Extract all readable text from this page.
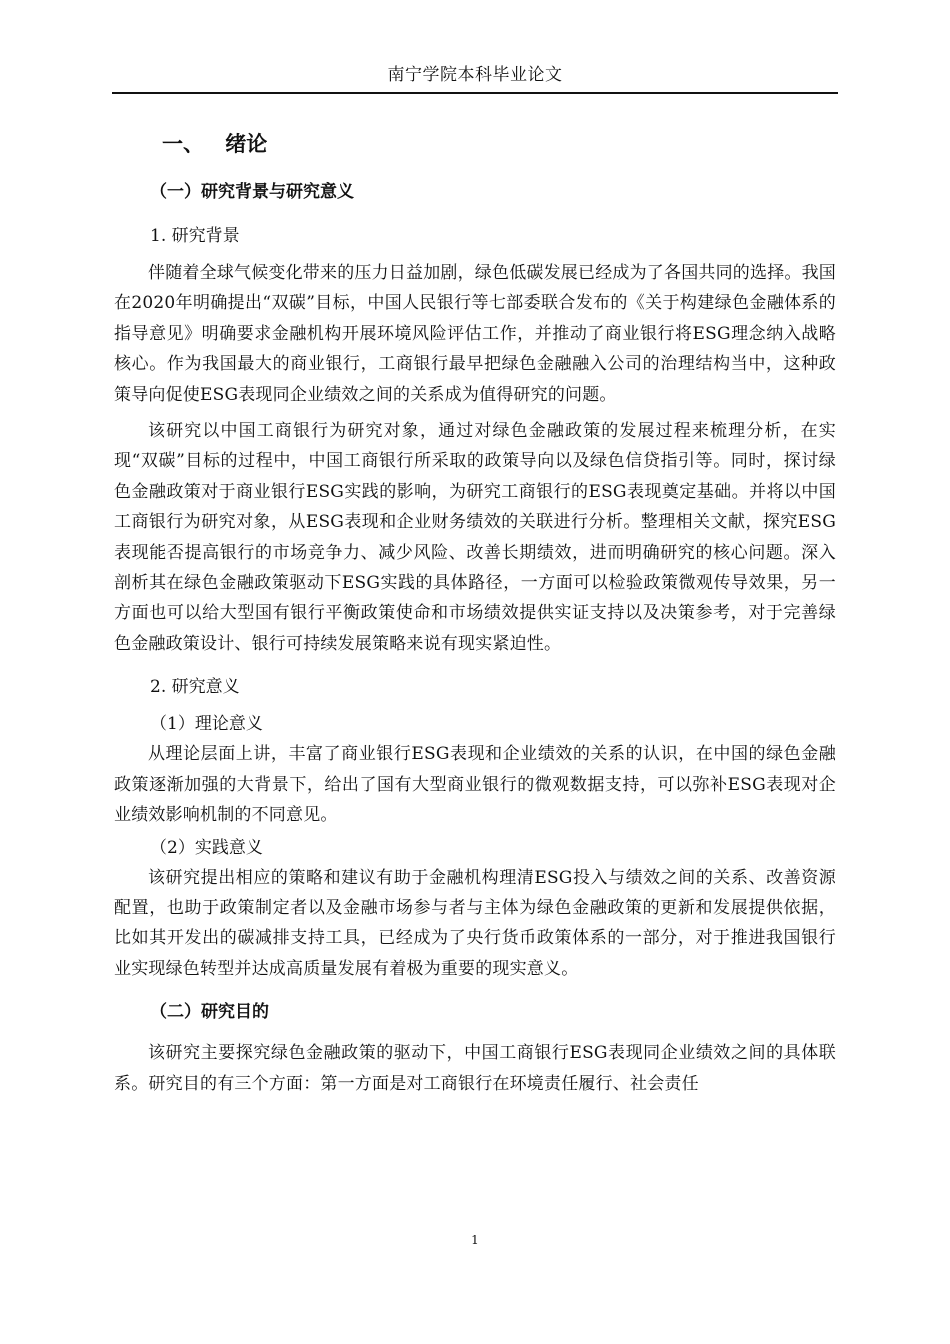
南宁学院本科毕业论文
一、 绪论
（一）研究背景与研究意义
1. 研究背景

伴随着全球气候变化带来的压力日益加剧，绿色低碳发展已经成为了各国共同的选择。我国在2020年明确提出“双碳”目标，中国人民银行等七部委联合发布的《关于构建绿色金融体系的指导意见》明确要求金融机构开展环境风险评估工作，并推动了商业银行将ESG理念纳入战略核心。作为我国最大的商业银行，工商银行最早把绿色金融融入公司的治理结构当中，这种政策导向促使ESG表现同企业绩效之间的关系成为值得研究的问题。

该研究以中国工商银行为研究对象，通过对绿色金融政策的发展过程来梳理分析，在实现“双碳”目标的过程中，中国工商银行所采取的政策导向以及绿色信贷指引等。同时，探讨绿色金融政策对于商业银行ESG实践的影响，为研究工商银行的ESG表现奠定基础。并将以中国工商银行为研究对象，从ESG表现和企业财务绩效的关联进行分析。整理相关文献，探究ESG表现能否提高银行的市场竞争力、减少风险、改善长期绩效，进而明确研究的核心问题。深入剖析其在绿色金融政策驱动下ESG实践的具体路径，一方面可以检验政策微观传导效果，另一方面也可以给大型国有银行平衡政策使命和市场绩效提供实证支持以及决策参考，对于完善绿色金融政策设计、银行可持续发展策略来说有现实紧迫性。

2. 研究意义
（1）理论意义

从理论层面上讲，丰富了商业银行ESG表现和企业绩效的关系的认识，在中国的绿色金融政策逐渐加强的大背景下，给出了国有大型商业银行的微观数据支持，可以弥补ESG表现对企业绩效影响机制的不同意见。

（2）实践意义

该研究提出相应的策略和建议有助于金融机构理清ESG投入与绩效之间的关系、改善资源配置，也助于政策制定者以及金融市场参与者与主体为绿色金融政策的更新和发展提供依据，比如其开发出的碳减排支持工具，已经成为了央行货币政策体系的一部分，对于推进我国银行业实现绿色转型并达成高质量发展有着极为重要的现实意义。

（二）研究目的

该研究主要探究绿色金融政策的驱动下，中国工商银行ESG表现同企业绩效之间的具体联系。研究目的有三个方面：第一方面是对工商银行在环境责任履行、社会责任

1
